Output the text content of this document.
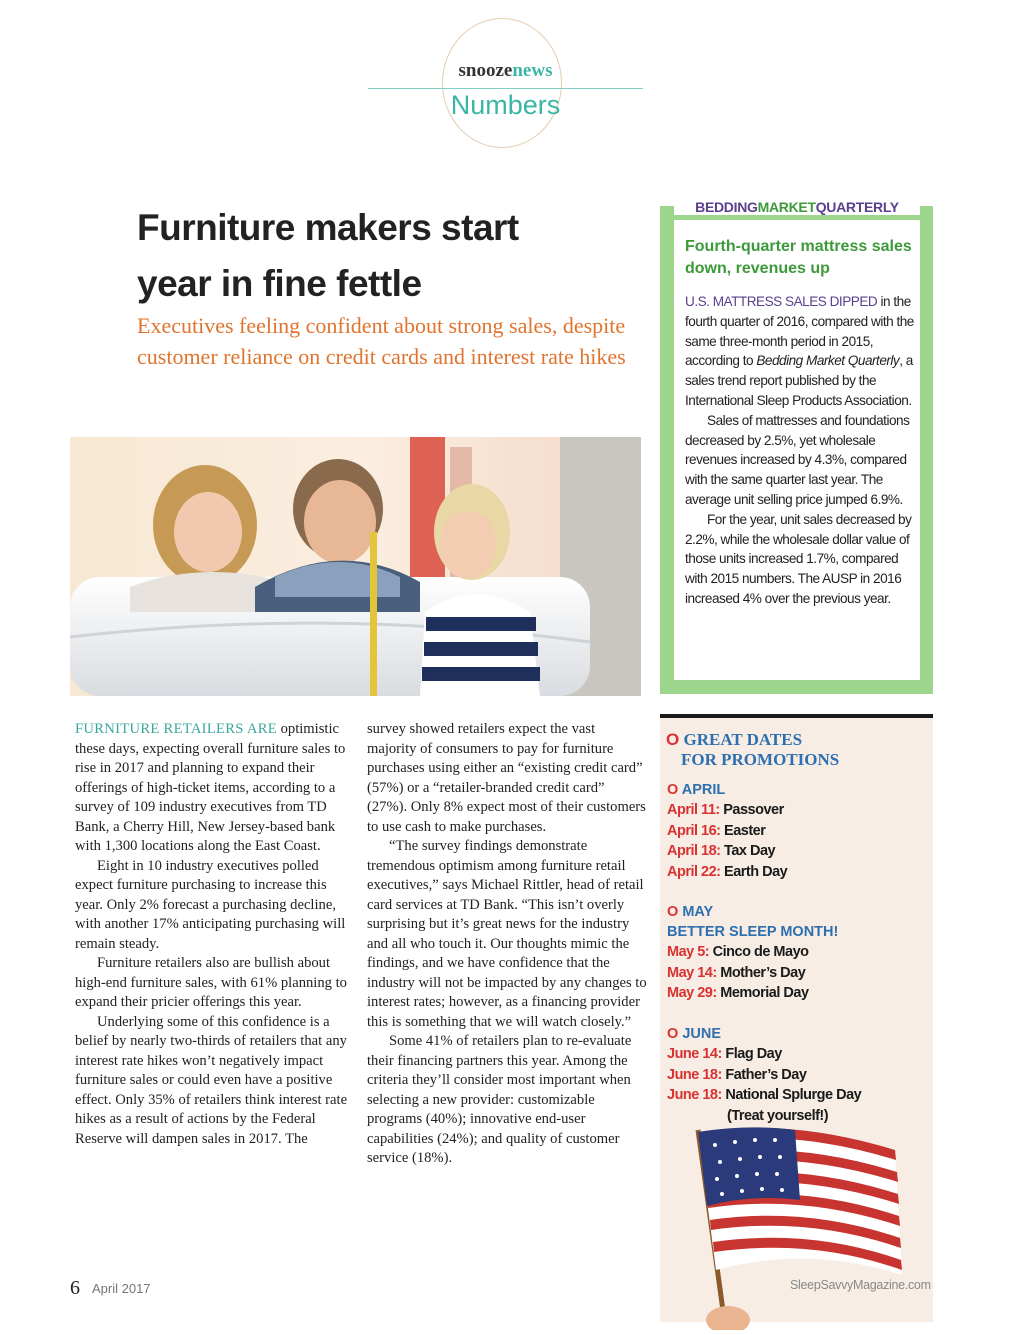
snoozenews
Numbers
Furniture makers start
year in fine fettle
Executives feeling confident about strong sales, despite customer reliance on credit cards and interest rate hikes

FURNITURE RETAILERS ARE optimistic these days, expecting overall furniture sales to rise in 2017 and planning to expand their offerings of high-ticket items, according to a survey of 109 industry executives from TD Bank, a Cherry Hill, New Jersey-based bank with 1,300 locations along the East Coast.

Eight in 10 industry executives polled expect furniture purchasing to increase this year. Only 2% forecast a purchasing decline, with another 17% anticipating purchasing will remain steady.

Furniture retailers also are bullish about high-end furniture sales, with 61% planning to expand their pricier offerings this year.

Underlying some of this confidence is a belief by nearly two-thirds of retailers that any interest rate hikes won’t negatively impact furniture sales or could even have a positive effect. Only 35% of retailers think interest rate hikes as a result of actions by the Federal Reserve will dampen sales in 2017. The

survey showed retailers expect the vast majority of consumers to pay for furniture purchases using either an “existing credit card” (57%) or a “retailer-branded credit card” (27%). Only 8% expect most of their customers to use cash to make purchases.

“The survey findings demonstrate tremendous optimism among furniture retail executives,” says Michael Rittler, head of retail card services at TD Bank. “This isn’t overly surprising but it’s great news for the industry and all who touch it. Our thoughts mimic the findings, and we have confidence that the industry will not be impacted by any changes to interest rates; however, as a financing provider this is something that we will watch closely.”

Some 41% of retailers plan to re-evaluate their financing partners this year. Among the criteria they’ll consider most important when selecting a new provider: customizable programs (40%); innovative end-user capabilities (24%); and quality of customer service (18%).

BEDDINGMARKETQUARTERLY
Fourth-quarter mattress sales down, revenues up

U.S. MATTRESS SALES DIPPED in the fourth quarter of 2016, compared with the same three-month period in 2015, according to Bedding Market Quarterly, a sales trend report published by the International Sleep Products Association.

Sales of mattresses and foundations decreased by 2.5%, yet wholesale revenues increased by 4.3%, compared with the same quarter last year. The average unit selling price jumped 6.9%.

For the year, unit sales decreased by 2.2%, while the wholesale dollar value of those units increased 1.7%, compared with 2015 numbers. The AUSP in 2016 increased 4% over the previous year.

O GREAT DATES
FOR PROMOTIONS
O APRIL
April 11: Passover
April 16: Easter
April 18: Tax Day
April 22: Earth Day
O MAY
BETTER SLEEP MONTH!
May 5: Cinco de Mayo
May 14: Mother’s Day
May 29: Memorial Day
O JUNE
June 14: Flag Day
June 18: Father’s Day
June 18: National Splurge Day
(Treat yourself!)
6 April 2017	SleepSavvyMagazine.com
